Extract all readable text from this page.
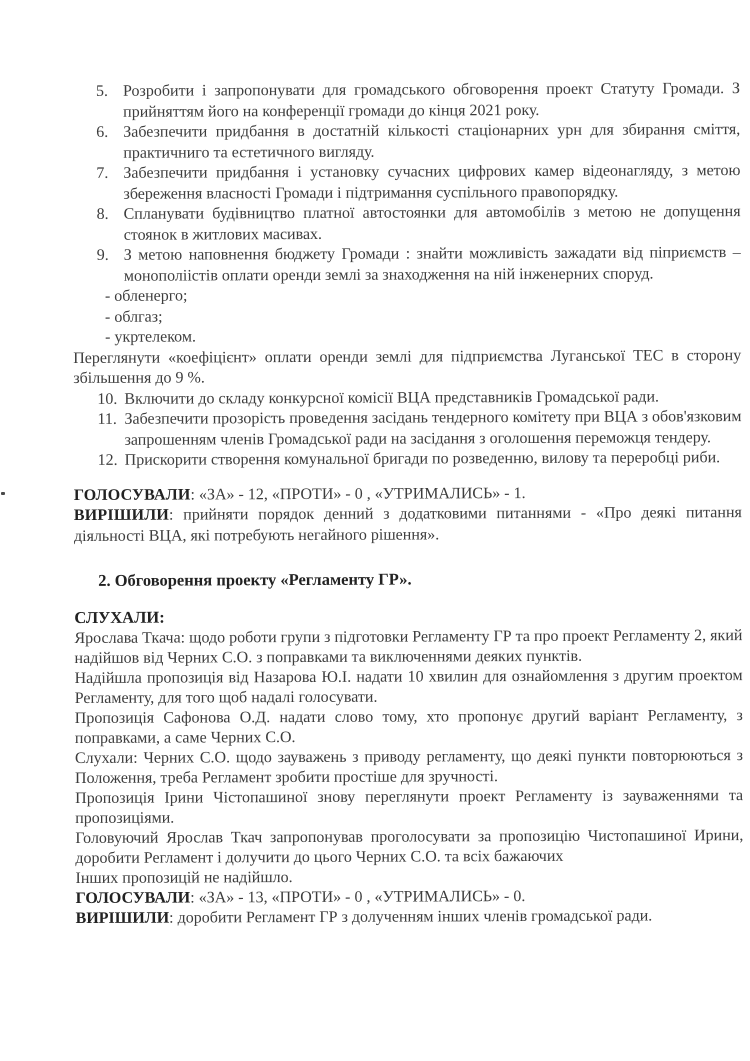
5. Розробити і запропонувати для громадського обговорення проект Статуту Громади. З прийняттям його на конференції громади до кінця 2021 року.
6. Забезпечити придбання в достатній кількості стаціонарних урн для збирання сміття, практичниго та естетичного вигляду.
7. Забезпечити придбання і установку сучасних цифрових камер відеонагляду, з метою збереження власності Громади і підтримання суспільного правопорядку.
8. Спланувати будівництво платної автостоянки для автомобілів з метою не допущення стоянок в житлових масивах.
9. З метою наповнення бюджету Громади : знайти можливість зажадати від піприємств – монополіістів оплати оренди землі за знаходження на ній інженерних споруд.
- обленерго;
- облгаз;
- укртелеком.

Переглянути «коефіцієнт» оплати оренди землі для підприємства Луганської ТЕС в сторону збільшення до 9 %.

10. Включити до складу конкурсної комісії ВЦА представників Громадської ради.
11. Забезпечити прозорість проведення засідань тендерного комітету при ВЦА з обов'язковим запрошенням членів Громадської ради на засідання з оголошення переможця тендеру.
12. Прискорити створення комунальної бригади по розведенню, вилову та переробці риби.

ГОЛОСУВАЛИ: «ЗА» - 12, «ПРОТИ» - 0 , «УТРИМАЛИСЬ» - 1.

ВИРІШИЛИ: прийняти порядок денний з додатковими питаннями - «Про деякі питання діяльності ВЦА, які потребують негайного рішення».

2. Обговорення проекту «Регламенту ГР».
СЛУХАЛИ:

Ярослава Ткача: щодо роботи групи з підготовки Регламенту ГР та про проект Регламенту 2, який надійшов від Черних С.О. з поправками та виключеннями деяких пунктів.

Надійшла пропозиція від Назарова Ю.І. надати 10 хвилин для ознайомлення з другим проектом Регламенту, для того щоб надалі голосувати.

Пропозиція Сафонова О.Д. надати слово тому, хто пропонує другий варіант Регламенту, з поправками, а саме Черних С.О.

Слухали: Черних С.О. щодо зауважень з приводу регламенту, що деякі пункти повторюються з Положення, треба Регламент зробити простіше для зручності.

Пропозиція Ірини Чістопашиної знову переглянути проект Регламенту із зауваженнями та пропозиціями.

Головуючий Ярослав Ткач запропонував проголосувати за пропозицію Чистопашиної Ирини, доробити Регламент і долучити до цього Черних С.О. та всіх бажаючих

Інших пропозицій не надійшло.

ГОЛОСУВАЛИ: «ЗА» - 13, «ПРОТИ» - 0 , «УТРИМАЛИСЬ» - 0.

ВИРІШИЛИ: доробити Регламент ГР з долученням інших членів громадської ради.
